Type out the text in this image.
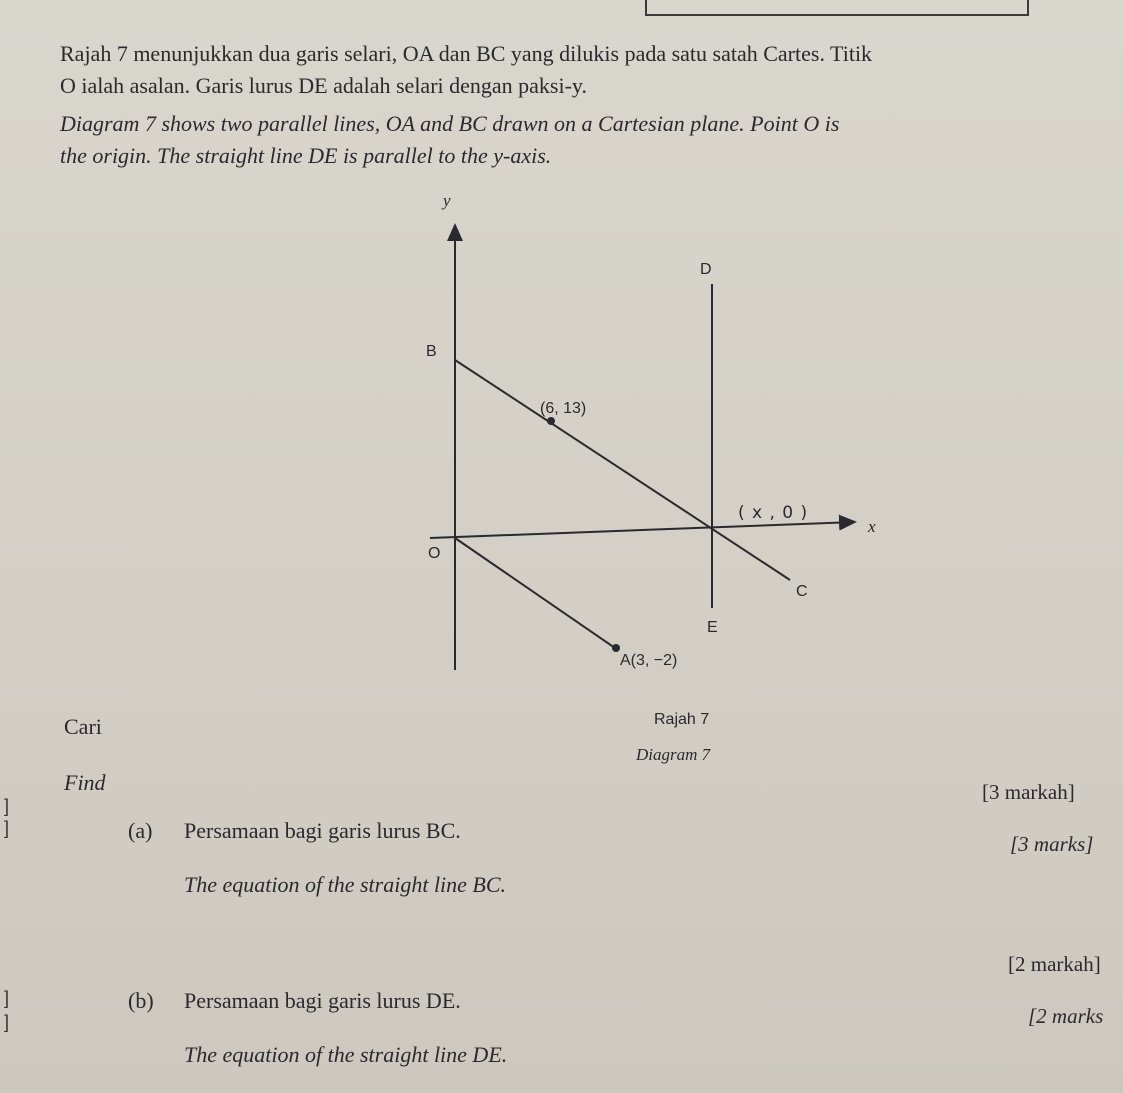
Rajah 7 menunjukkan dua garis selari, OA dan BC yang dilukis pada satu satah Cartes. Titik
O ialah asalan. Garis lurus DE adalah selari dengan paksi-y.
Diagram 7 shows two parallel lines, OA and BC drawn on a Cartesian plane. Point O is
the origin. The straight line DE is parallel to the y-axis.
y
x
O
B
C
D
E
(6, 13)
A(3, −2)
( x , 0 )
Rajah 7
Diagram 7
Cari
Find
]
]
]
]
(a) Persamaan bagi garis lurus BC.
The equation of the straight line BC.
[3 markah]
[3 marks]
(b) Persamaan bagi garis lurus DE.
The equation of the straight line DE.
[2 markah]
[2 marks
